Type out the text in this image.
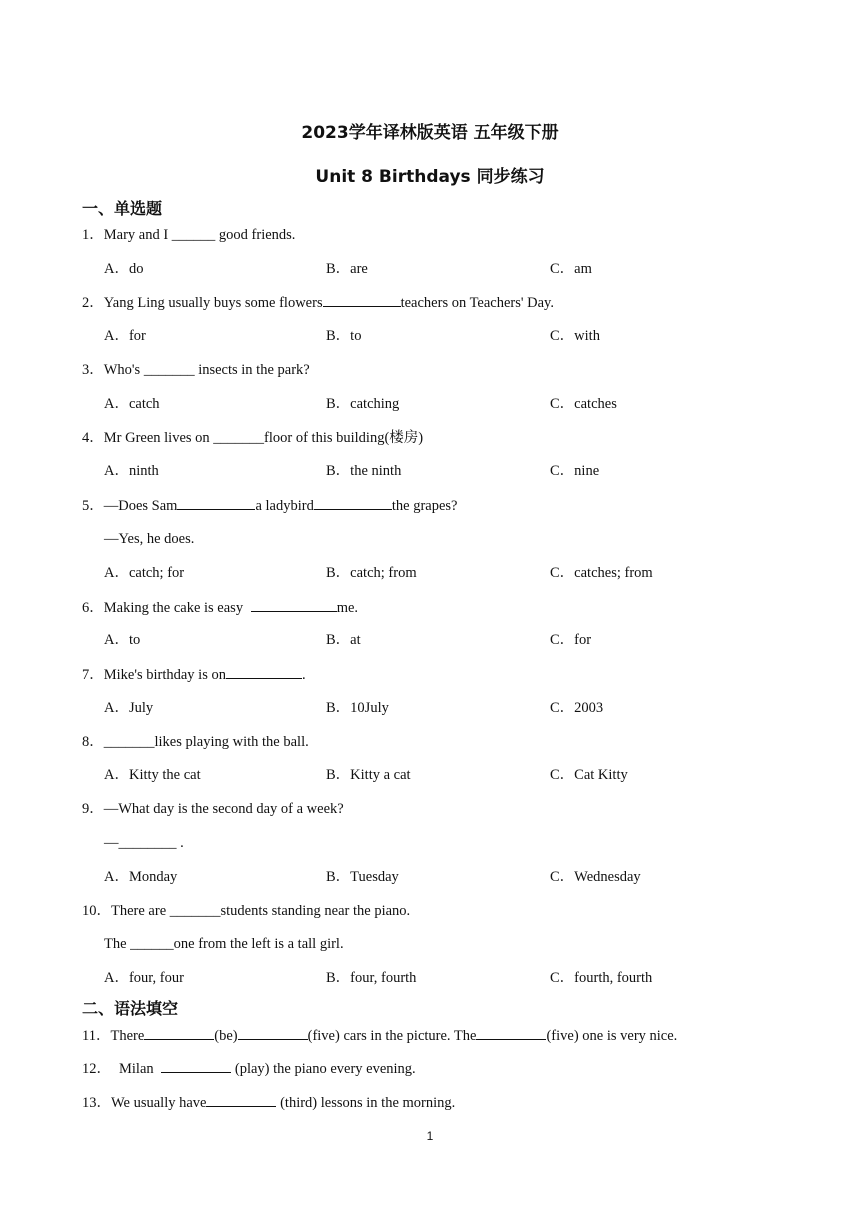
2023学年译林版英语 五年级下册
Unit 8 Birthdays 同步练习
一、单选题
1．Mary and I ______ good friends.
A．do	B．are	C．am
2．Yang Ling usually buys some flowers	teachers on Teachers' Day.
A．for	B．to	C．with
3．Who's _______ insects in the park?
A．catch	B．catching	C．catches
4．Mr Green lives on _______floor of this building(楼房)
A．ninth	B．the ninth	C．nine
5．—Does Sam	a ladybird	the grapes?
—Yes, he does.
A．catch; for	B．catch; from	C．catches; from
6．Making the cake is easy	me.
A．to	B．at	C．for
7．Mike's birthday is on	.
A．July	B．10July	C．2003
8．_______likes playing with the ball.
A．Kitty the cat	B．Kitty a cat	C．Cat Kitty
9．—What day is the second day of a week?
—________ .
A．Monday	B．Tuesday	C．Wednesday
10．There are _______students standing near the piano.
The ______one from the left is a tall girl.
A．four, four	B．four, fourth	C．fourth, fourth
二、语法填空
11．There	(be)	(five) cars in the picture. The	(five) one is very nice.
12． Milan	(play) the piano every evening.
13．We usually have	(third) lessons in the morning.
1
